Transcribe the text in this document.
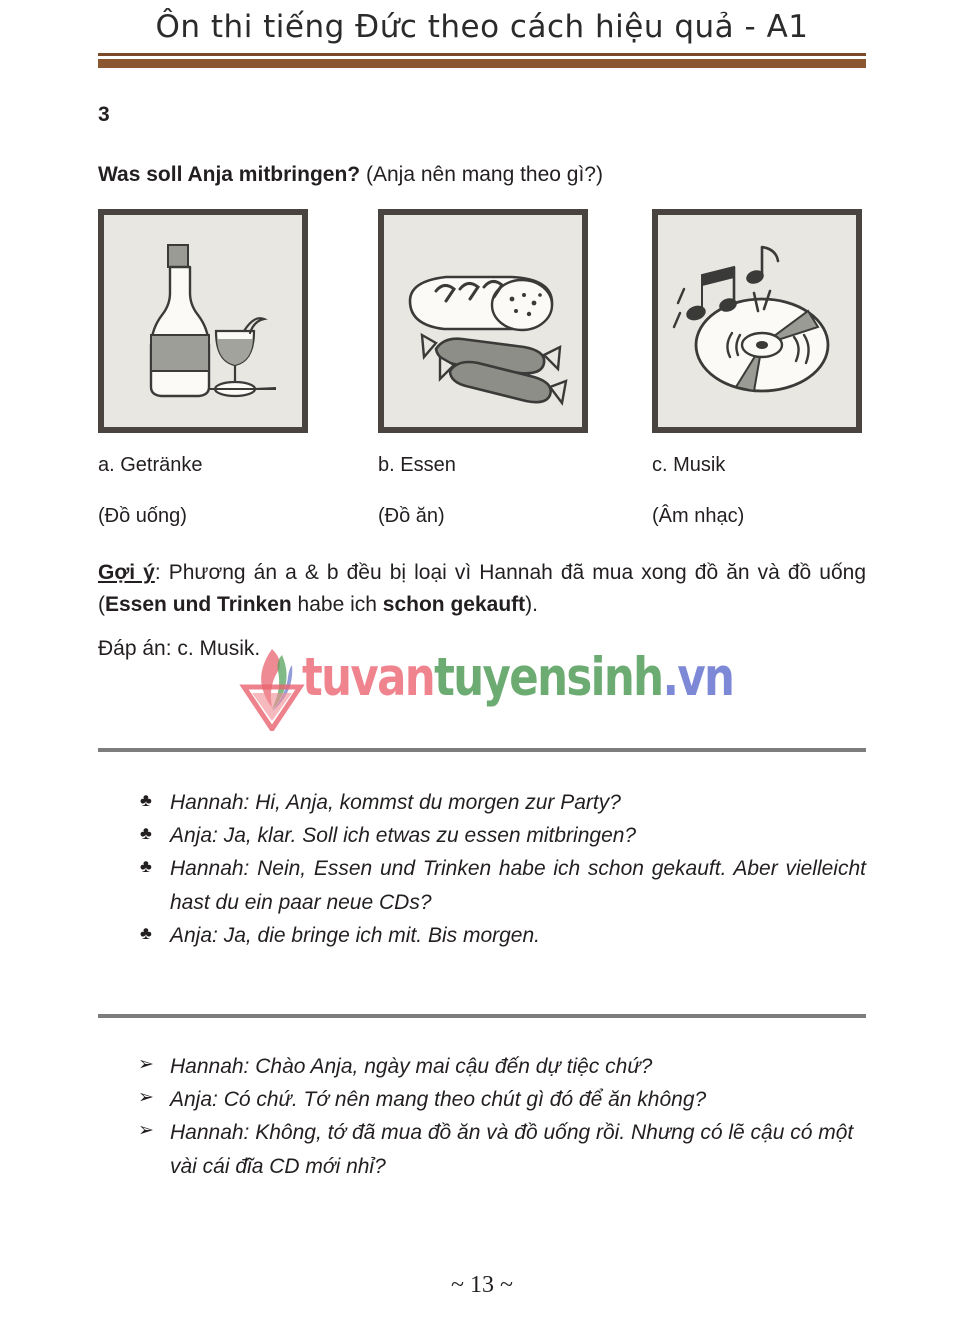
Ôn thi tiếng Đức theo cách hiệu quả - A1
3

Was soll Anja mitbringen? (Anja nên mang theo gì?)

a. Getränke
(Đồ uống)
b. Essen
(Đồ ăn)
c. Musik
(Âm nhạc)

Gợi ý: Phương án a & b đều bị loại vì Hannah đã mua xong đồ ăn và đồ uống (Essen und Trinken habe ich schon gekauft).

Đáp án: c. Musik. tuvantuyensinh.vn
♣ Hannah: Hi, Anja, kommst du morgen zur Party?
♣ Anja: Ja, klar. Soll ich etwas zu essen mitbringen?
♣ Hannah: Nein, Essen und Trinken habe ich schon gekauft. Aber vielleicht hast du ein paar neue CDs?
♣ Anja: Ja, die bringe ich mit. Bis morgen.
➢ Hannah: Chào Anja, ngày mai cậu đến dự tiệc chứ?
➢ Anja: Có chứ. Tớ nên mang theo chút gì đó để ăn không?
➢ Hannah: Không, tớ đã mua đồ ăn và đồ uống rồi. Nhưng có lẽ cậu có một vài cái đĩa CD mới nhỉ?
~ 13 ~
